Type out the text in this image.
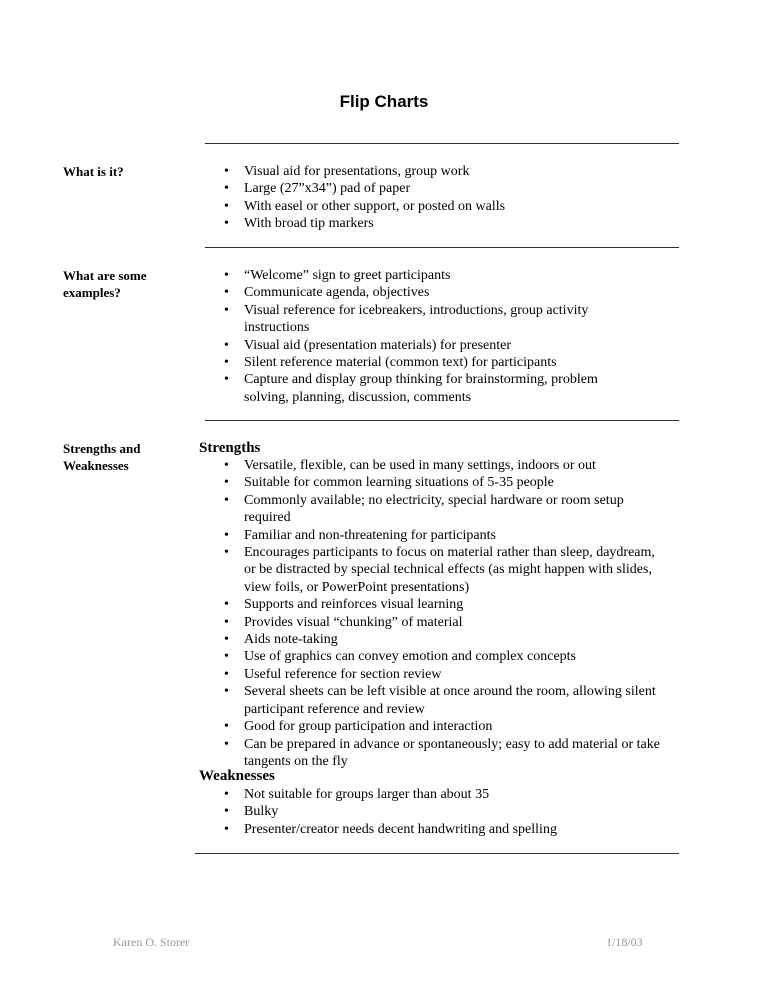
Flip Charts
What is it?	• Visual aid for presentations, group work
• Large (27”x34”) pad of paper
• With easel or other support, or posted on walls
• With broad tip markers
What are some examples?
• “Welcome” sign to greet participants
• Communicate agenda, objectives
• Visual reference for icebreakers, introductions, group activity instructions
• Visual aid (presentation materials) for presenter
• Silent reference material (common text) for participants
• Capture and display group thinking for brainstorming, problem solving, planning, discussion, comments
Strengths and Weaknesses
Strengths
• Versatile, flexible, can be used in many settings, indoors or out
• Suitable for common learning situations of 5-35 people
• Commonly available; no electricity, special hardware or room setup required
• Familiar and non-threatening for participants
• Encourages participants to focus on material rather than sleep, daydream, or be distracted by special technical effects (as might happen with slides, view foils, or PowerPoint presentations)
• Supports and reinforces visual learning
• Provides visual “chunking” of material
• Aids note-taking
• Use of graphics can convey emotion and complex concepts
• Useful reference for section review
• Several sheets can be left visible at once around the room, allowing silent participant reference and review
• Good for group participation and interaction
• Can be prepared in advance or spontaneously; easy to add material or take tangents on the fly
Weaknesses
• Not suitable for groups larger than about 35
• Bulky
• Presenter/creator needs decent handwriting and spelling
Karen O. Storer	1/18/03
